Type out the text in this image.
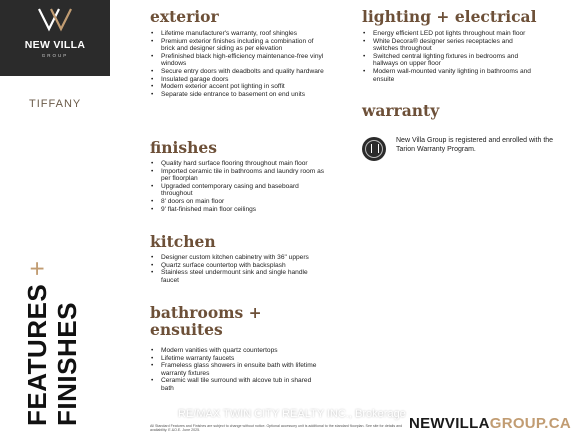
NEW VILLA
GROUP
TIFFANY
FEATURES +
FINISHES
exterior
• Lifetime manufacturer's warranty, roof shingles
• Premium exterior finishes including a combination of brick and designer siding as per elevation
• Prefinished black high-efficiency maintenance-free vinyl windows
• Secure entry doors with deadbolts and quality hardware
• Insulated garage doors
• Modern exterior accent pot lighting in soffit
• Separate side entrance to basement on end units
finishes
• Quality hard surface flooring throughout main floor
• Imported ceramic tile in bathrooms and laundry room as per floorplan
• Upgraded contemporary casing and baseboard throughout
• 8' doors on main floor
• 9' flat-finished main floor ceilings
kitchen
• Designer custom kitchen cabinetry with 36" uppers
• Quartz surface countertop with backsplash
• Stainless steel undermount sink and single handle faucet
bathrooms +
ensuites
• Modern vanities with quartz countertops
• Lifetime warranty faucets
• Frameless glass showers in ensuite bath with lifetime warranty fixtures
• Ceramic wall tile surround with alcove tub in shared bath
lighting + electrical
• Energy efficient LED pot lights throughout main floor
• White Decora® designer series receptacles and switches throughout
• Switched central lighting fixtures in bedrooms and hallways on upper floor
• Modern wall-mounted vanity lighting in bathrooms and ensuite
warranty
New Villa Group is registered and enrolled with the Tarion Warranty Program.
All Standard Features and Finishes are subject to change without notice. Optional accessory unit is additional to the standard floorplan. See site for details and availability. E.&O.E. June 2025.
RE/MAX TWIN CITY REALTY INC., Brokerage
NEWVILLAGROUP.CA
